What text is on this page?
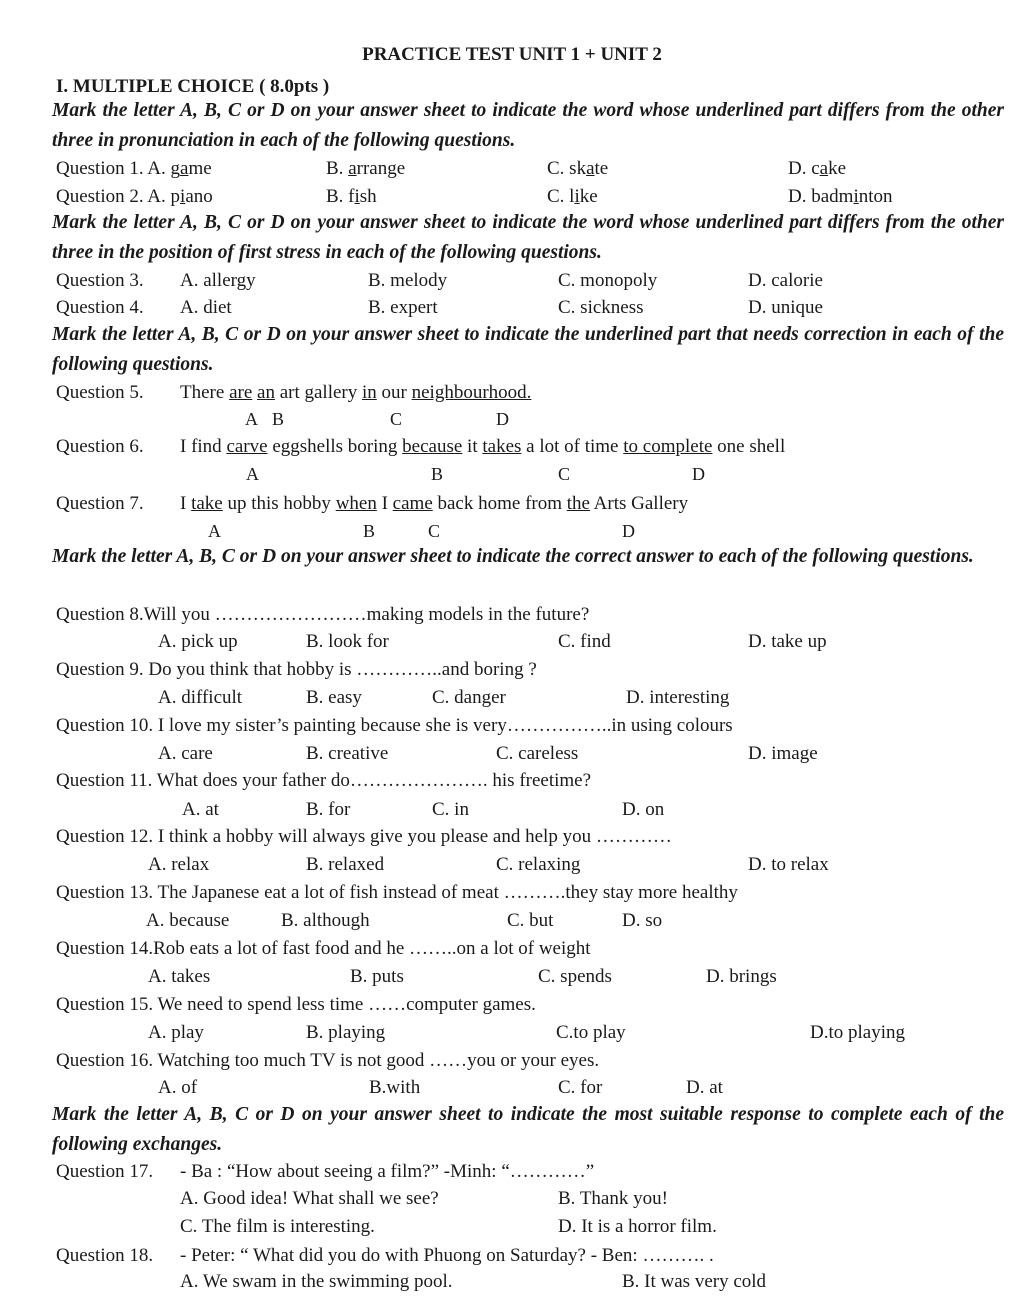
PRACTICE TEST UNIT 1 + UNIT 2
I. MULTIPLE CHOICE ( 8.0pts )
Mark the letter A, B, C or D on your answer sheet to indicate the word whose underlined part differs from the other three in pronunciation in each of the following questions.
Question 1. A. game	B. arrange	C. skate	D. cake
Question 2. A. piano	B. fish	C. like	D. badminton
Mark the letter A, B, C or D on your answer sheet to indicate the word whose underlined part differs from the other three in the position of first stress in each of the following questions.
Question 3. A. allergy	B. melody	C. monopoly	D. calorie
Question 4. A. diet	B. expert	C. sickness	D. unique
Mark the letter A, B, C or D on your answer sheet to indicate the underlined part that needs correction in each of the following questions.
Question 5. There are an art gallery in our neighbourhood.
A B	C	D
Question 6. I find carve eggshells boring because it takes a lot of time to complete one shell
A	B	C	D
Question 7. I take up this hobby when I came back home from the Arts Gallery
A	B	C	D
Mark the letter A, B, C or D on your answer sheet to indicate the correct answer to each of the following questions.
Question 8.Will you ……………………making models in the future?
A. pick up	B. look for	C. find	D. take up
Question 9. Do you think that hobby is …………..and boring ?
A. difficult	B. easy	C. danger	D. interesting
Question 10. I love my sister’s painting because she is very……………..in using colours
A. care	B. creative	C. careless	D. image
Question 11. What does your father do…………………. his freetime?
A. at	B. for	C. in	D. on
Question 12. I think a hobby will always give you please and help you …………
A. relax	B. relaxed	C. relaxing	D. to relax
Question 13. The Japanese eat a lot of fish instead of meat ……….they stay more healthy
A. because	B. although	C. but	D. so
Question 14.Rob eats a lot of fast food and he ……..on a lot of weight
A. takes	B. puts	C. spends	D. brings
Question 15. We need to spend less time ……computer games.
A. play	B. playing	C.to play	D.to playing
Question 16. Watching too much TV is not good ……you or your eyes.
A. of	B.with	C. for	D. at
Mark the letter A, B, C or D on your answer sheet to indicate the most suitable response to complete each of the following exchanges.
Question 17. - Ba : “How about seeing a film?” -Minh: “…………”
A. Good idea! What shall we see?	B. Thank you!
C. The film is interesting.	D. It is a horror film.
Question 18. - Peter: “ What did you do with Phuong on Saturday? - Ben: ………. .
A. We swam in the swimming pool.	B. It was very cold
